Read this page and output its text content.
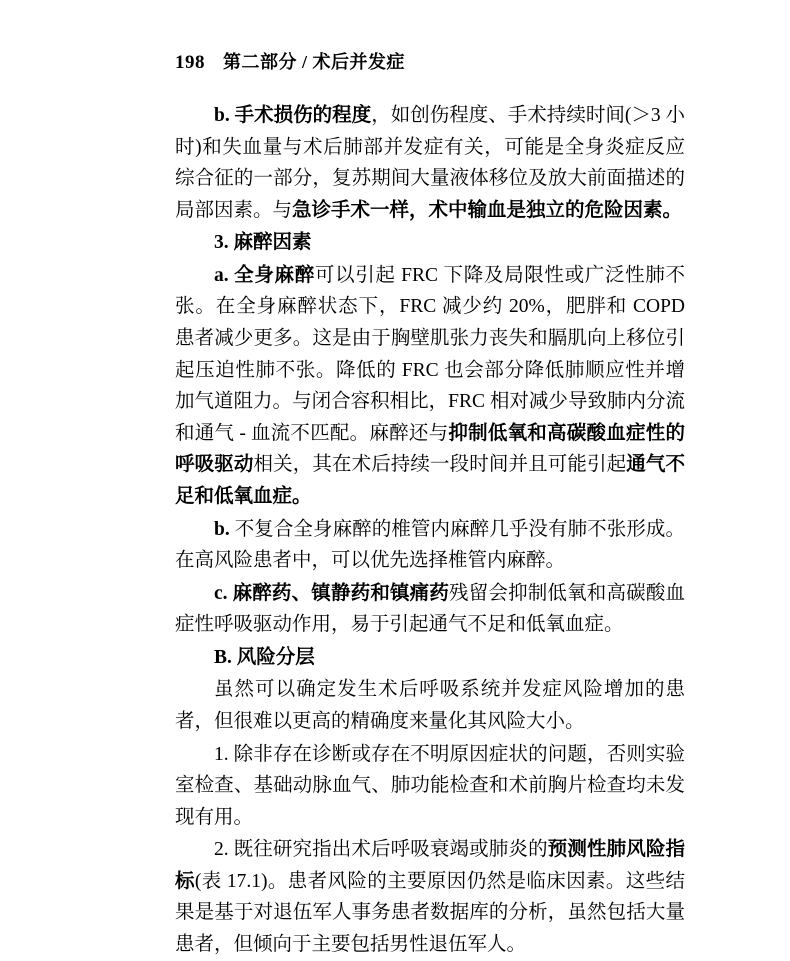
198 第二部分 / 术后并发症
b. 手术损伤的程度，如创伤程度、手术持续时间(＞3 小时)和失血量与术后肺部并发症有关，可能是全身炎症反应综合征的一部分，复苏期间大量液体移位及放大前面描述的局部因素。与急诊手术一样，术中输血是独立的危险因素。
3. 麻醉因素
a. 全身麻醉可以引起 FRC 下降及局限性或广泛性肺不张。在全身麻醉状态下，FRC 减少约 20%，肥胖和 COPD 患者减少更多。这是由于胸壁肌张力丧失和膈肌向上移位引起压迫性肺不张。降低的 FRC 也会部分降低肺顺应性并增加气道阻力。与闭合容积相比，FRC 相对减少导致肺内分流和通气 - 血流不匹配。麻醉还与抑制低氧和高碳酸血症性的呼吸驱动相关，其在术后持续一段时间并且可能引起通气不足和低氧血症。
b. 不复合全身麻醉的椎管内麻醉几乎没有肺不张形成。在高风险患者中，可以优先选择椎管内麻醉。
c. 麻醉药、镇静药和镇痛药残留会抑制低氧和高碳酸血症性呼吸驱动作用，易于引起通气不足和低氧血症。
B. 风险分层
虽然可以确定发生术后呼吸系统并发症风险增加的患者，但很难以更高的精确度来量化其风险大小。
1. 除非存在诊断或存在不明原因症状的问题，否则实验室检查、基础动脉血气、肺功能检查和术前胸片检查均未发现有用。
2. 既往研究指出术后呼吸衰竭或肺炎的预测性肺风险指标(表 17.1)。患者风险的主要原因仍然是临床因素。这些结果是基于对退伍军人事务患者数据库的分析，虽然包括大量患者，但倾向于主要包括男性退伍军人。
